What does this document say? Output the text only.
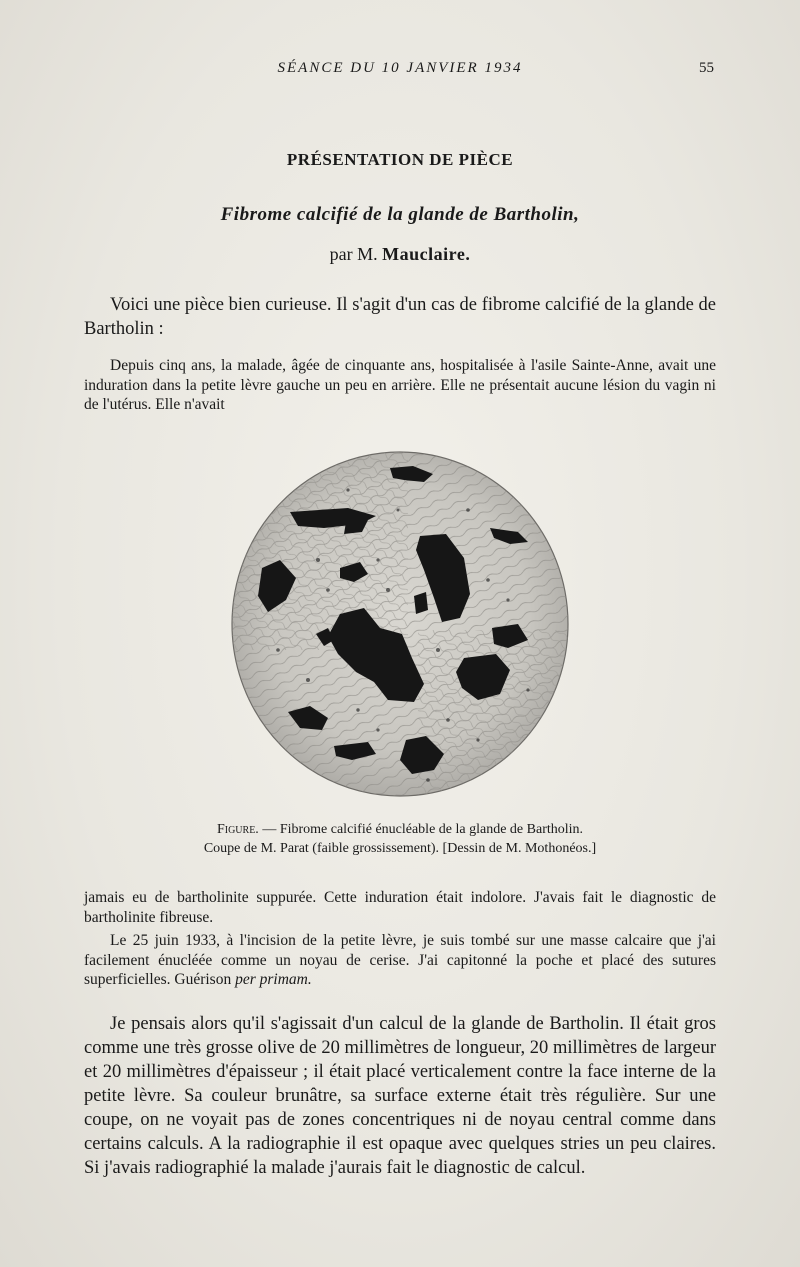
SÉANCE DU 10 JANVIER 1934	55
PRÉSENTATION DE PIÈCE
Fibrome calcifié de la glande de Bartholin,
par M. Mauclaire.

Voici une pièce bien curieuse. Il s'agit d'un cas de fibrome calcifié de la glande de Bartholin :

Depuis cinq ans, la malade, âgée de cinquante ans, hospitalisée à l'asile Sainte-Anne, avait une induration dans la petite lèvre gauche un peu en arrière. Elle ne présentait aucune lésion du vagin ni de l'utérus. Elle n'avait

Figure. — Fibrome calcifié énucléable de la glande de Bartholin.
Coupe de M. Parat (faible grossissement). [Dessin de M. Mothonéos.]

jamais eu de bartholinite suppurée. Cette induration était indolore. J'avais fait le diagnostic de bartholinite fibreuse.

Le 25 juin 1933, à l'incision de la petite lèvre, je suis tombé sur une masse calcaire que j'ai facilement énucléée comme un noyau de cerise. J'ai capitonné la poche et placé des sutures superficielles. Guérison per primam.

Je pensais alors qu'il s'agissait d'un calcul de la glande de Bartholin. Il était gros comme une très grosse olive de 20 millimètres de longueur, 20 millimètres de largeur et 20 millimètres d'épaisseur ; il était placé verticalement contre la face interne de la petite lèvre. Sa couleur brunâtre, sa surface externe était très régulière. Sur une coupe, on ne voyait pas de zones concentriques ni de noyau central comme dans certains calculs. A la radiographie il est opaque avec quelques stries un peu claires. Si j'avais radiographié la malade j'aurais fait le diagnostic de calcul.
